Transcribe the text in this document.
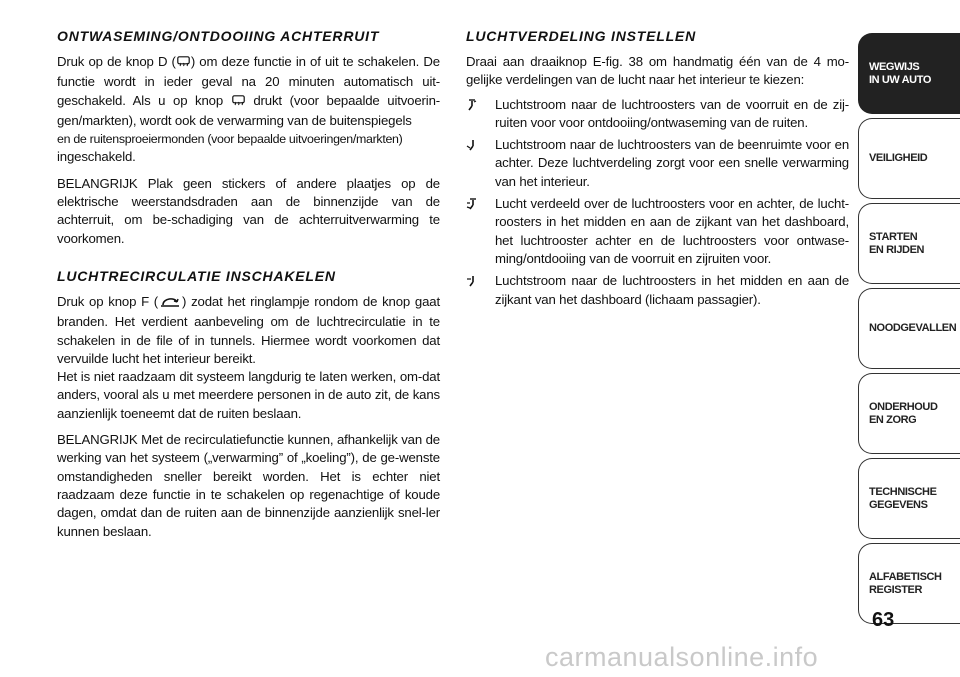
ONTWASEMING/ONTDOOIING ACHTERRUIT

Druk op de knop D ( ) om deze functie in of uit te schakelen. De functie wordt in ieder geval na 20 minuten automatisch uit-geschakeld. Als u op knop  drukt (voor bepaalde uitvoerin-gen/markten), wordt ook de verwarming van de buitenspiegels
en de ruitensproeiermonden (voor bepaalde uitvoeringen/markten)
ingeschakeld.

BELANGRIJK Plak geen stickers of andere plaatjes op de elektrische weerstandsdraden aan de binnenzijde van de achterruit, om be-schadiging van de achterruitverwarming te voorkomen.

LUCHTRECIRCULATIE INSCHAKELEN

Druk op knop F ( ) zodat het ringlampje rondom de knop gaat branden. Het verdient aanbeveling om de luchtrecirculatie in te schakelen in de file of in tunnels. Hiermee wordt voorkomen dat vervuilde lucht het interieur bereikt.

Het is niet raadzaam dit systeem langdurig te laten werken, om-dat anders, vooral als u met meerdere personen in de auto zit, de kans aanzienlijk toeneemt dat de ruiten beslaan.

BELANGRIJK Met de recirculatiefunctie kunnen, afhankelijk van de werking van het systeem („verwarming” of „koeling”), de ge-wenste omstandigheden sneller bereikt worden. Het is echter niet raadzaam deze functie in te schakelen op regenachtige of koude dagen, omdat dan de ruiten aan de binnenzijde aanzienlijk snel-ler kunnen beslaan.

LUCHTVERDELING INSTELLEN

Draai aan draaiknop E-fig. 38 om handmatig één van de 4 mo-gelijke verdelingen van de lucht naar het interieur te kiezen:

Luchtstroom naar de luchtroosters van de voorruit en de zij-ruiten voor voor ontdooiing/ontwaseming van de ruiten.
Luchtstroom naar de luchtroosters van de beenruimte voor en achter. Deze luchtverdeling zorgt voor een snelle verwarming van het interieur.
Lucht verdeeld over de luchtroosters voor en achter, de lucht-roosters in het midden en aan de zijkant van het dashboard, het luchtrooster achter en de luchtroosters voor ontwase-ming/ontdooiing van de voorruit en zijruiten voor.
Luchtstroom naar de luchtroosters in het midden en aan de zijkant van het dashboard (lichaam passagier).
WEGWIJS
IN UW AUTO
VEILIGHEID
STARTEN
EN RIJDEN
NOODGEVALLEN
ONDERHOUD
EN ZORG
TECHNISCHE
GEGEVENS
ALFABETISCH
REGISTER
63
carmanualsonline.info
